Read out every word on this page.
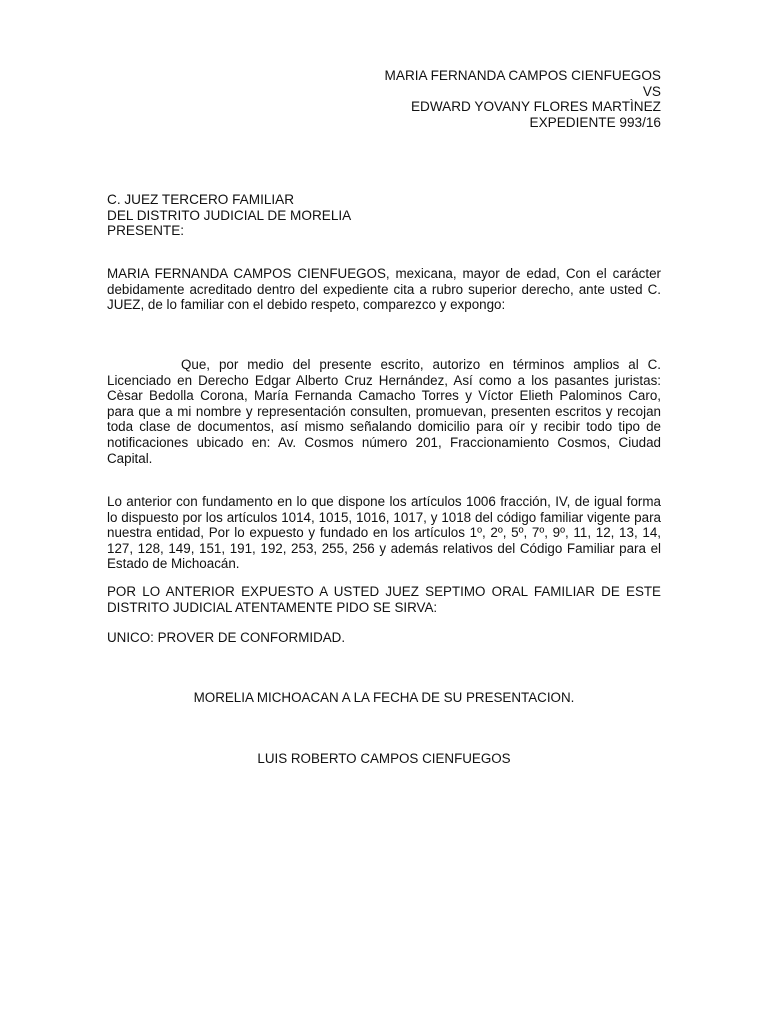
MARIA FERNANDA CAMPOS CIENFUEGOS
VS
EDWARD YOVANY FLORES MARTÌNEZ
EXPEDIENTE 993/16
C. JUEZ TERCERO FAMILIAR
DEL DISTRITO JUDICIAL DE MORELIA
PRESENTE:
MARIA FERNANDA CAMPOS CIENFUEGOS, mexicana, mayor de edad, Con el carácter debidamente acreditado dentro del expediente cita a rubro superior derecho, ante usted C. JUEZ, de lo familiar con el debido respeto, comparezco y expongo:
Que, por medio del presente escrito, autorizo en términos amplios al C. Licenciado en Derecho Edgar Alberto Cruz Hernández, Así como a los pasantes juristas: Cèsar Bedolla Corona, María Fernanda Camacho Torres y Víctor Elieth Palominos Caro, para que a mi nombre y representación consulten, promuevan, presenten escritos y recojan toda clase de documentos, así mismo señalando domicilio para oír y recibir todo tipo de notificaciones ubicado en: Av. Cosmos número 201, Fraccionamiento Cosmos, Ciudad Capital.
Lo anterior con fundamento en lo que dispone los artículos 1006 fracción, IV, de igual forma lo dispuesto por los artículos 1014, 1015, 1016, 1017, y 1018 del código familiar vigente para nuestra entidad, Por lo expuesto y fundado en los artículos 1º, 2º, 5º, 7º, 9º, 11, 12, 13, 14, 127, 128, 149, 151, 191, 192, 253, 255, 256 y además relativos del Código Familiar para el Estado de Michoacán.
POR LO ANTERIOR EXPUESTO A USTED JUEZ SEPTIMO ORAL FAMILIAR DE ESTE DISTRITO JUDICIAL ATENTAMENTE PIDO SE SIRVA:
UNICO: PROVER DE CONFORMIDAD.
MORELIA MICHOACAN A LA FECHA DE SU PRESENTACION.
LUIS ROBERTO CAMPOS CIENFUEGOS
